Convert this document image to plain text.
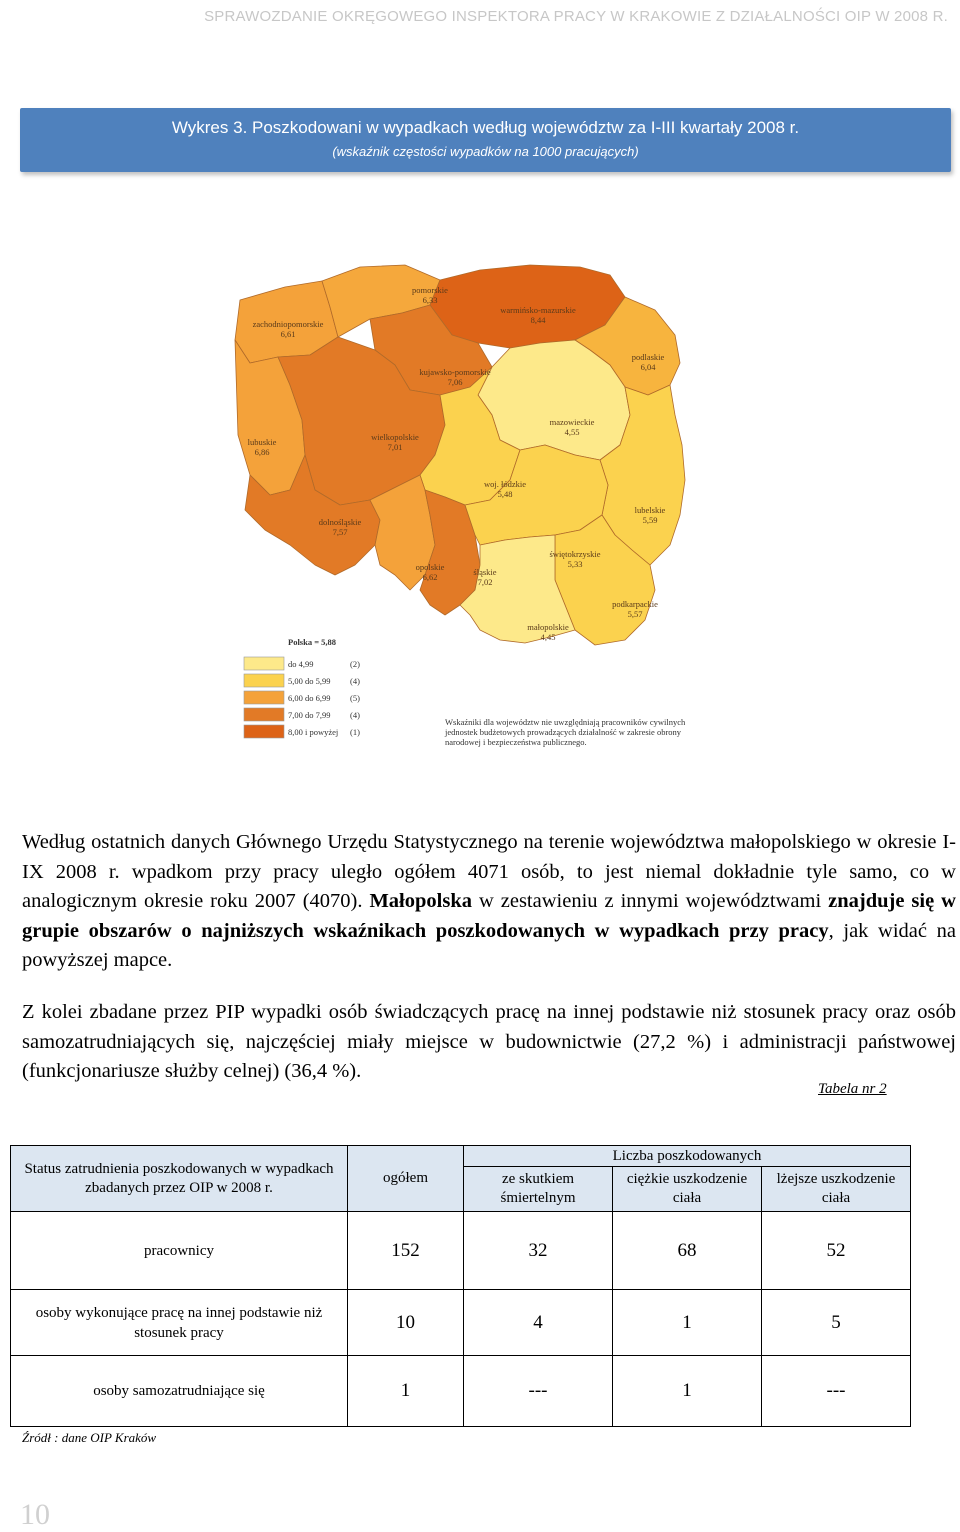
SPRAWOZDANIE OKRĘGOWEGO INSPEKTORA PRACY W KRAKOWIE Z DZIAŁALNOŚCI OIP W 2008 R.
Wykres 3. Poszkodowani w wypadkach według województw za I-III kwartały 2008 r.
(wskaźnik częstości wypadków na 1000 pracujących)
zachodniopomorskie 6,61
pomorskie 6,33
warmińsko-mazurskie 8,44
kujawsko-pomorskie 7,06
podlaskie 6,04
lubuskie 6,86
wielkopolskie 7,01
mazowieckie 4,55
woj. łódzkie 5,48
dolnośląskie 7,57
lubelskie 5,59
opolskie 6,62	śląskie 7,02
świętokrzyskie 5,33
podkarpackie 5,57
małopolskie 4,45
Polska = 5,88
do 4,99	(2)
5,00 do 5,99 (4)
6,00 do 6,99 (5)
7,00 do 7,99 (4)
8,00 i powyżej (1)
Wskaźniki dla województw nie uwzględniają pracowników cywilnych
jednostek budżetowych prowadzących działalność w zakresie obrony
narodowej i bezpieczeństwa publicznego.
Według ostatnich danych Głównego Urzędu Statystycznego na terenie województwa małopolskiego w okresie I-IX 2008 r. wpadkom przy pracy uległo ogółem 4071 osób, to jest niemal dokładnie tyle samo, co w analogicznym okresie roku 2007 (4070). Małopolska w zestawieniu z innymi województwami znajduje się w grupie obszarów o najniższych wskaźnikach poszkodowanych w wypadkach przy pracy, jak widać na powyższej mapce.
Z kolei zbadane przez PIP wypadki osób świadczących pracę na innej podstawie niż stosunek pracy oraz osób samozatrudniających się, najczęściej miały miejsce w budownictwie (27,2 %) i administracji państwowej (funkcjonariusze służby celnej) (36,4 %).
Tabela nr 2
Status zatrudnienia poszkodowanych w wypadkach zbadanych przez OIP w 2008 r.	ogółem	Liczba poszkodowanych		
		ze skutkiem śmiertelnym	ciężkie uszkodzenie ciała	lżejsze uszkodzenie ciała
pracownicy	152	32	68	52
osoby wykonujące pracę na innej podstawie niż stosunek pracy	10	4	1	5
osoby samozatrudniające się	1	---	1	---
Źródł : dane OIP Kraków
10
